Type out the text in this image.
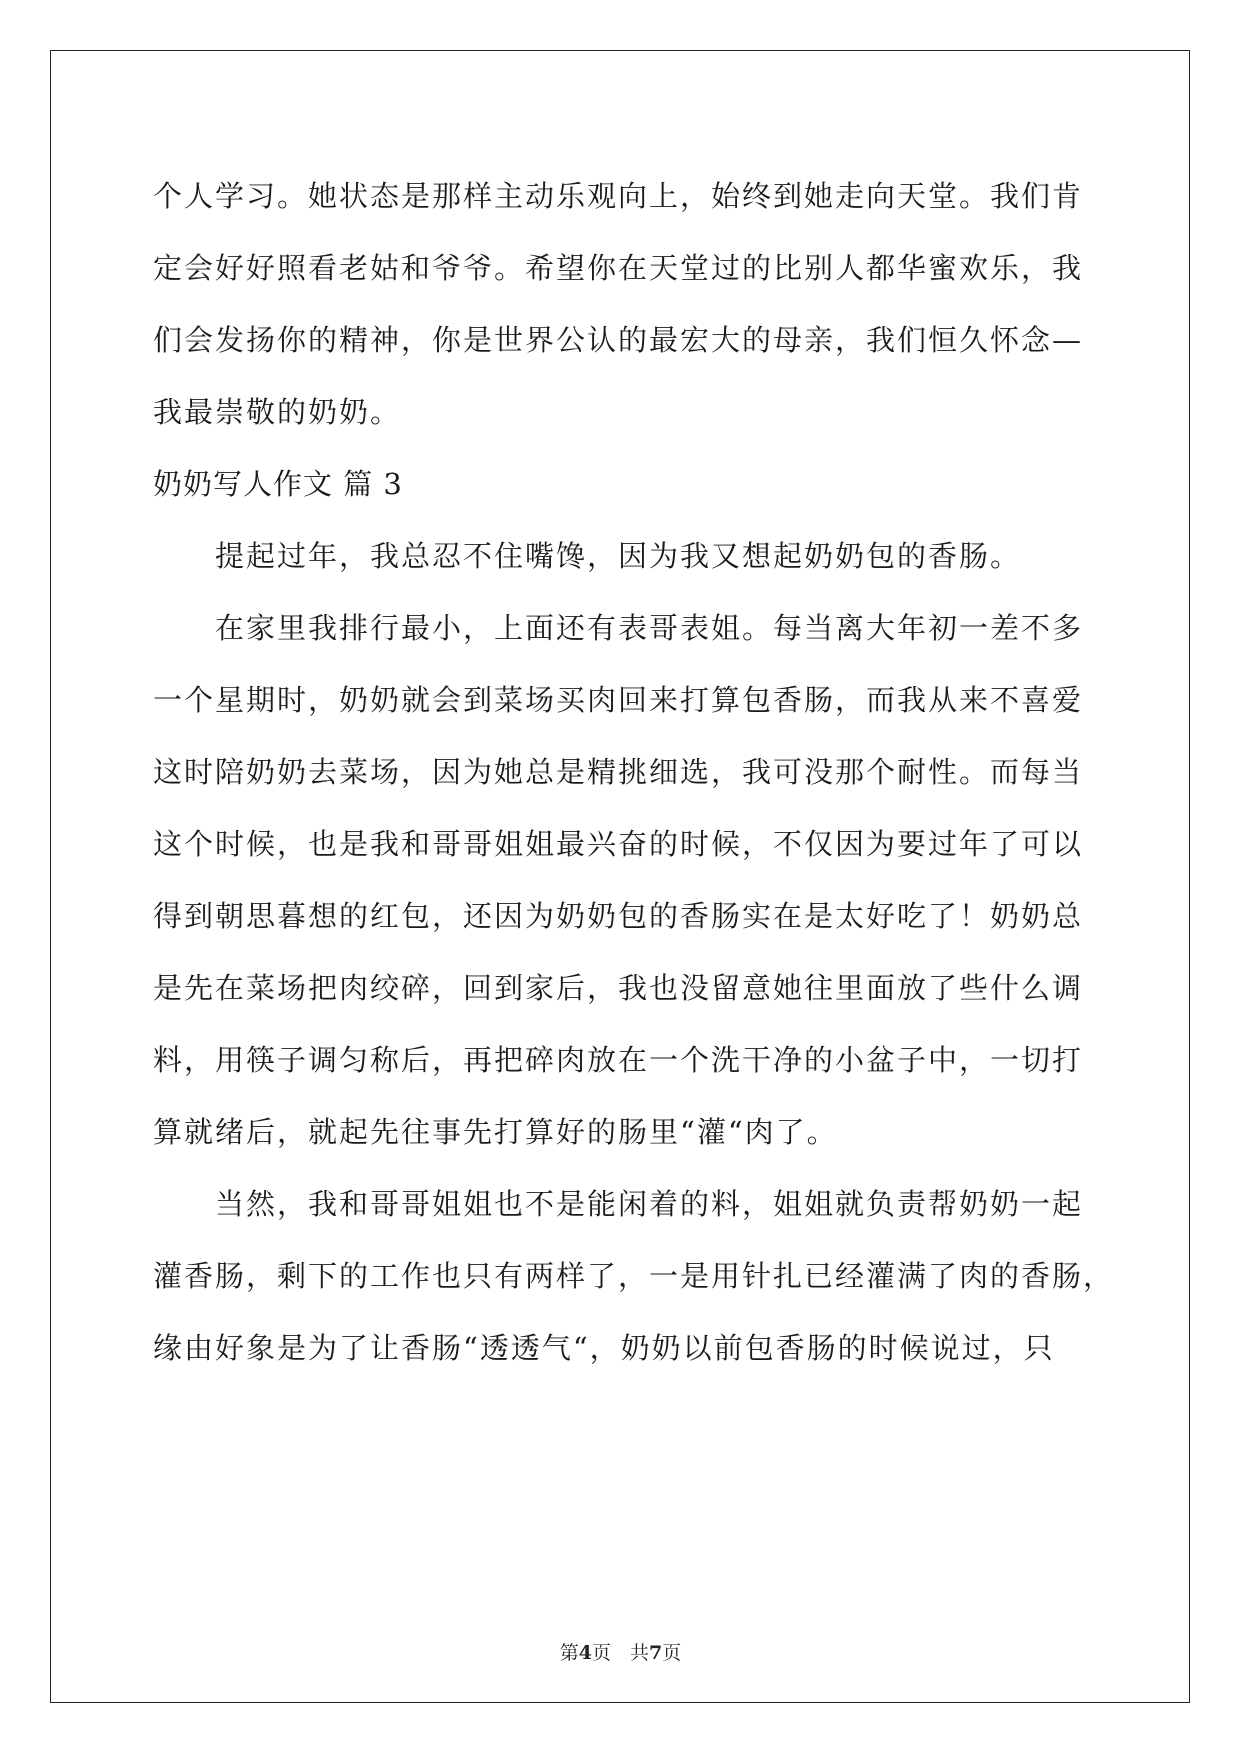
个人学习。她状态是那样主动乐观向上，始终到她走向天堂。我们肯
定会好好照看老姑和爷爷。希望你在天堂过的比别人都华蜜欢乐，我
们会发扬你的精神，你是世界公认的最宏大的母亲，我们恒久怀念—
我最崇敬的奶奶。
奶奶写人作文 篇 3
提起过年，我总忍不住嘴馋，因为我又想起奶奶包的香肠。
在家里我排行最小，上面还有表哥表姐。每当离大年初一差不多
一个星期时，奶奶就会到菜场买肉回来打算包香肠，而我从来不喜爱
这时陪奶奶去菜场，因为她总是精挑细选，我可没那个耐性。而每当
这个时候，也是我和哥哥姐姐最兴奋的时候，不仅因为要过年了可以
得到朝思暮想的红包，还因为奶奶包的香肠实在是太好吃了！奶奶总
是先在菜场把肉绞碎，回到家后，我也没留意她往里面放了些什么调
料，用筷子调匀称后，再把碎肉放在一个洗干净的小盆子中，一切打
算就绪后，就起先往事先打算好的肠里“灌“肉了。
当然，我和哥哥姐姐也不是能闲着的料，姐姐就负责帮奶奶一起
灌香肠，剩下的工作也只有两样了，一是用针扎已经灌满了肉的香肠，
缘由好象是为了让香肠“透透气“，奶奶以前包香肠的时候说过，只
第4页　共7页
